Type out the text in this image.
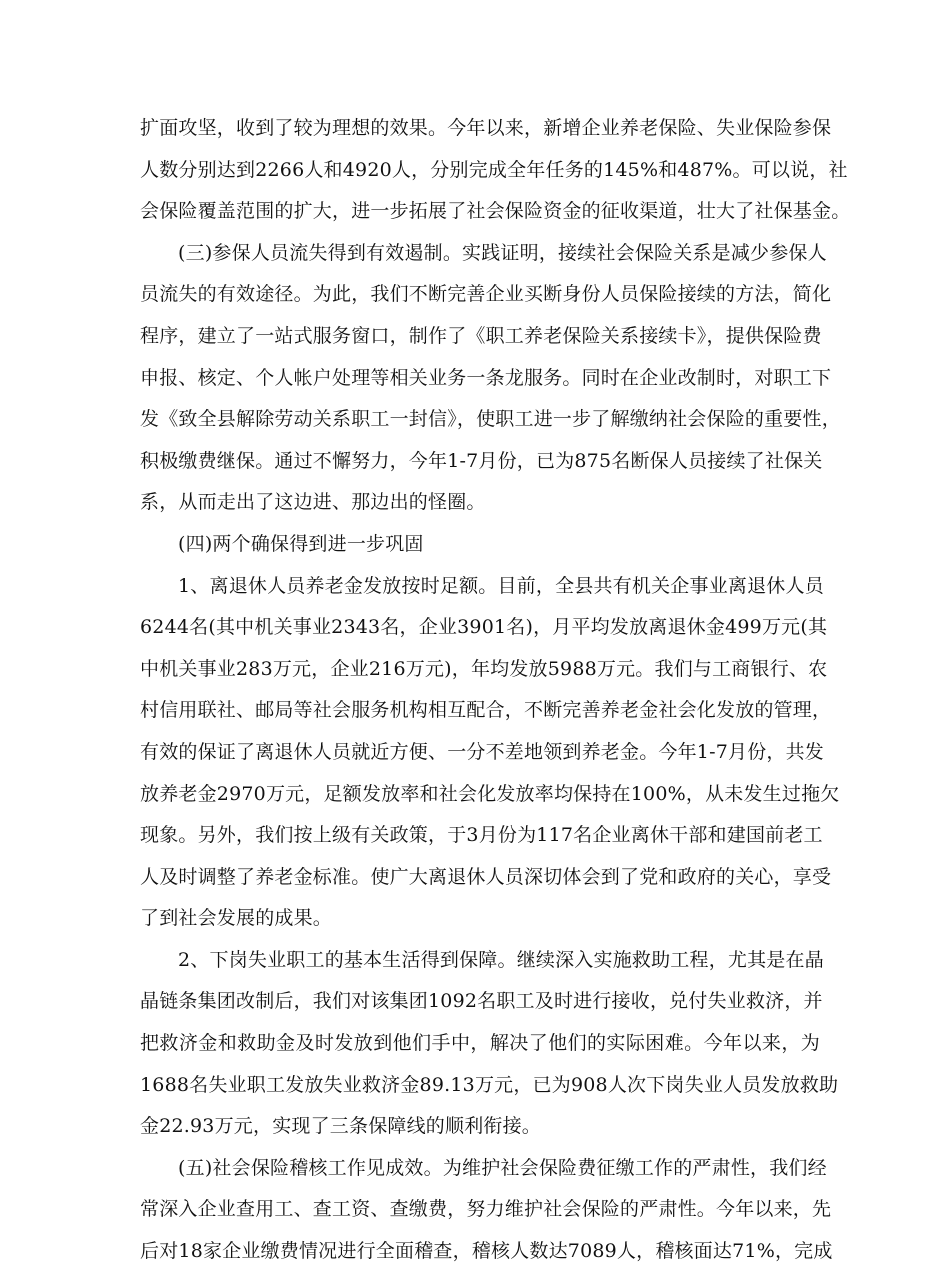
扩面攻坚，收到了较为理想的效果。今年以来，新增企业养老保险、失业保险参保
人数分别达到2266人和4920人，分别完成全年任务的145%和487%。可以说，社
会保险覆盖范围的扩大，进一步拓展了社会保险资金的征收渠道，壮大了社保基金。
(三)参保人员流失得到有效遏制。实践证明，接续社会保险关系是减少参保人
员流失的有效途径。为此，我们不断完善企业买断身份人员保险接续的方法，简化
程序，建立了一站式服务窗口，制作了《职工养老保险关系接续卡》，提供保险费
申报、核定、个人帐户处理等相关业务一条龙服务。同时在企业改制时，对职工下
发《致全县解除劳动关系职工一封信》，使职工进一步了解缴纳社会保险的重要性，
积极缴费继保。通过不懈努力，今年1-7月份，已为875名断保人员接续了社保关
系，从而走出了这边进、那边出的怪圈。
(四)两个确保得到进一步巩固
1、离退休人员养老金发放按时足额。目前，全县共有机关企事业离退休人员
6244名(其中机关事业2343名，企业3901名)，月平均发放离退休金499万元(其
中机关事业283万元，企业216万元)，年均发放5988万元。我们与工商银行、农
村信用联社、邮局等社会服务机构相互配合，不断完善养老金社会化发放的管理，
有效的保证了离退休人员就近方便、一分不差地领到养老金。今年1-7月份，共发
放养老金2970万元，足额发放率和社会化发放率均保持在100%，从未发生过拖欠
现象。另外，我们按上级有关政策，于3月份为117名企业离休干部和建国前老工
人及时调整了养老金标准。使广大离退休人员深切体会到了党和政府的关心，享受
了到社会发展的成果。
2、下岗失业职工的基本生活得到保障。继续深入实施救助工程，尤其是在晶
晶链条集团改制后，我们对该集团1092名职工及时进行接收，兑付失业救济，并
把救济金和救助金及时发放到他们手中，解决了他们的实际困难。今年以来，为
1688名失业职工发放失业救济金89.13万元，已为908人次下岗失业人员发放救助
金22.93万元，实现了三条保障线的顺利衔接。
(五)社会保险稽核工作见成效。为维护社会保险费征缴工作的严肃性，我们经
常深入企业查用工、查工资、查缴费，努力维护社会保险的严肃性。今年以来，先
后对18家企业缴费情况进行全面稽查，稽核人数达7089人，稽核面达71%，完成
